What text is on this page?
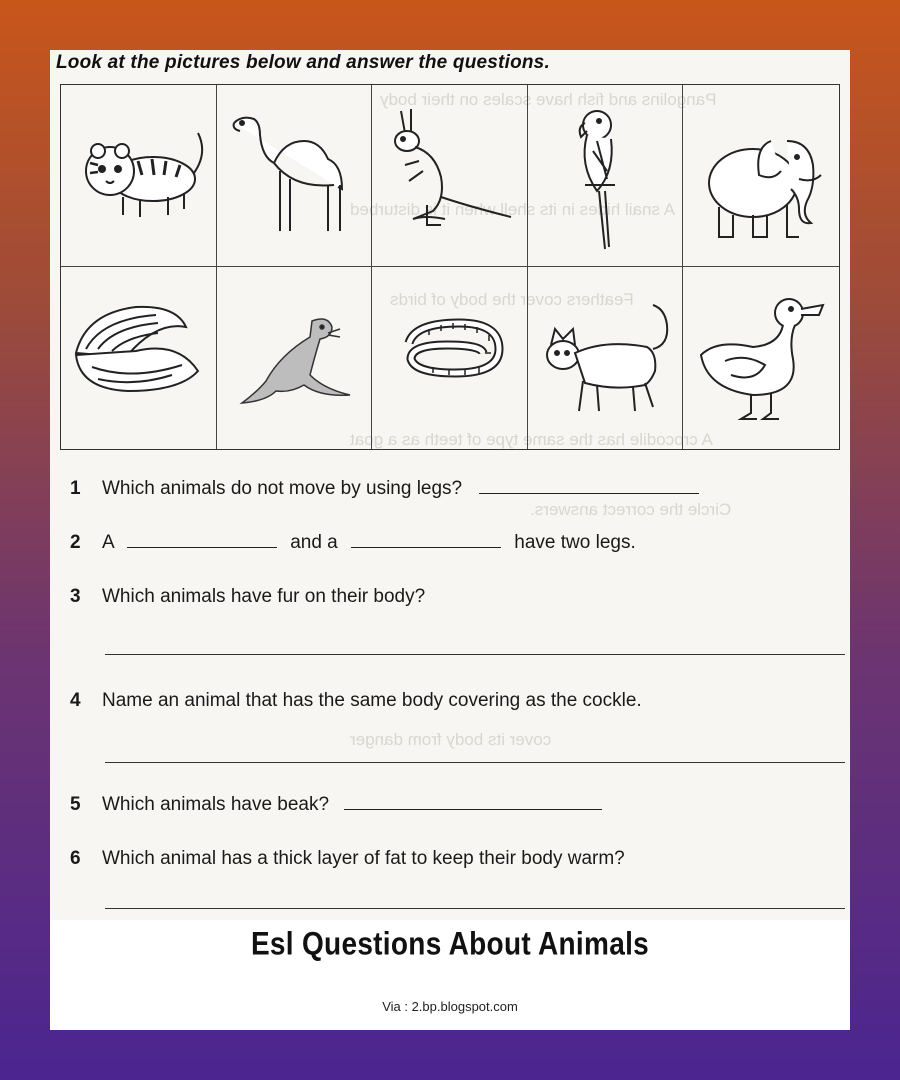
Pangolins and fish have scales on their body
A snail hides in its shell when it is disturbed
Feathers cover the body of birds
A crocodile has the same type of teeth as a goat
Circle the correct answers.
cover its body from danger
Look at the pictures below and answer the questions.
1 Which animals do not move by using legs?
2 A	and a	have two legs.
3 Which animals have fur on their body?
4 Name an animal that has the same body covering as the cockle.
5 Which animals have beak?
6 Which animal has a thick layer of fat to keep their body warm?
Esl Questions About Animals
Via : 2.bp.blogspot.com
